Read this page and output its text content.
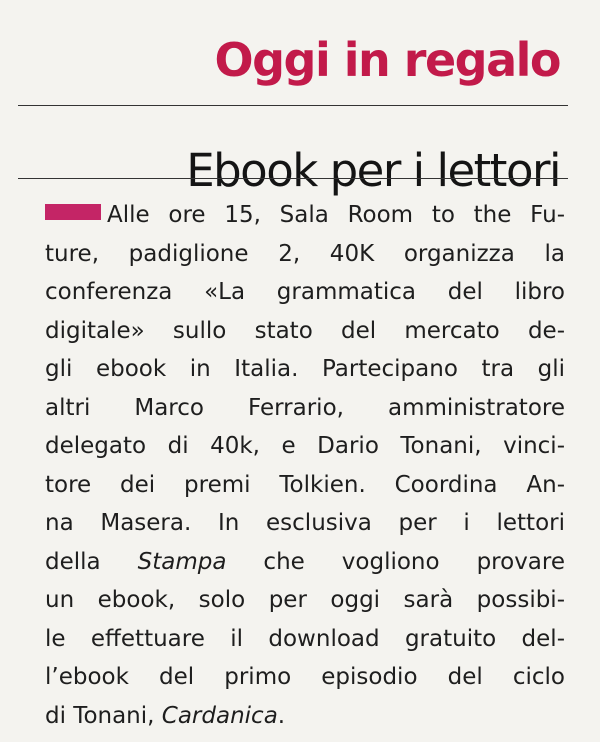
Oggi in regalo
Ebook per i lettori
Alle ore 15, Sala Room to the Fu-
ture, padiglione 2, 40K organizza la
conferenza «La grammatica del libro
digitale» sullo stato del mercato de-
gli ebook in Italia. Partecipano tra gli
altri Marco Ferrario, amministratore
delegato di 40k, e Dario Tonani, vinci-
tore dei premi Tolkien. Coordina An-
na Masera. In esclusiva per i lettori
della Stampa che vogliono provare
un ebook, solo per oggi sarà possibi-
le effettuare il download gratuito del-
l’ebook del primo episodio del ciclo
di Tonani, Cardanica.
